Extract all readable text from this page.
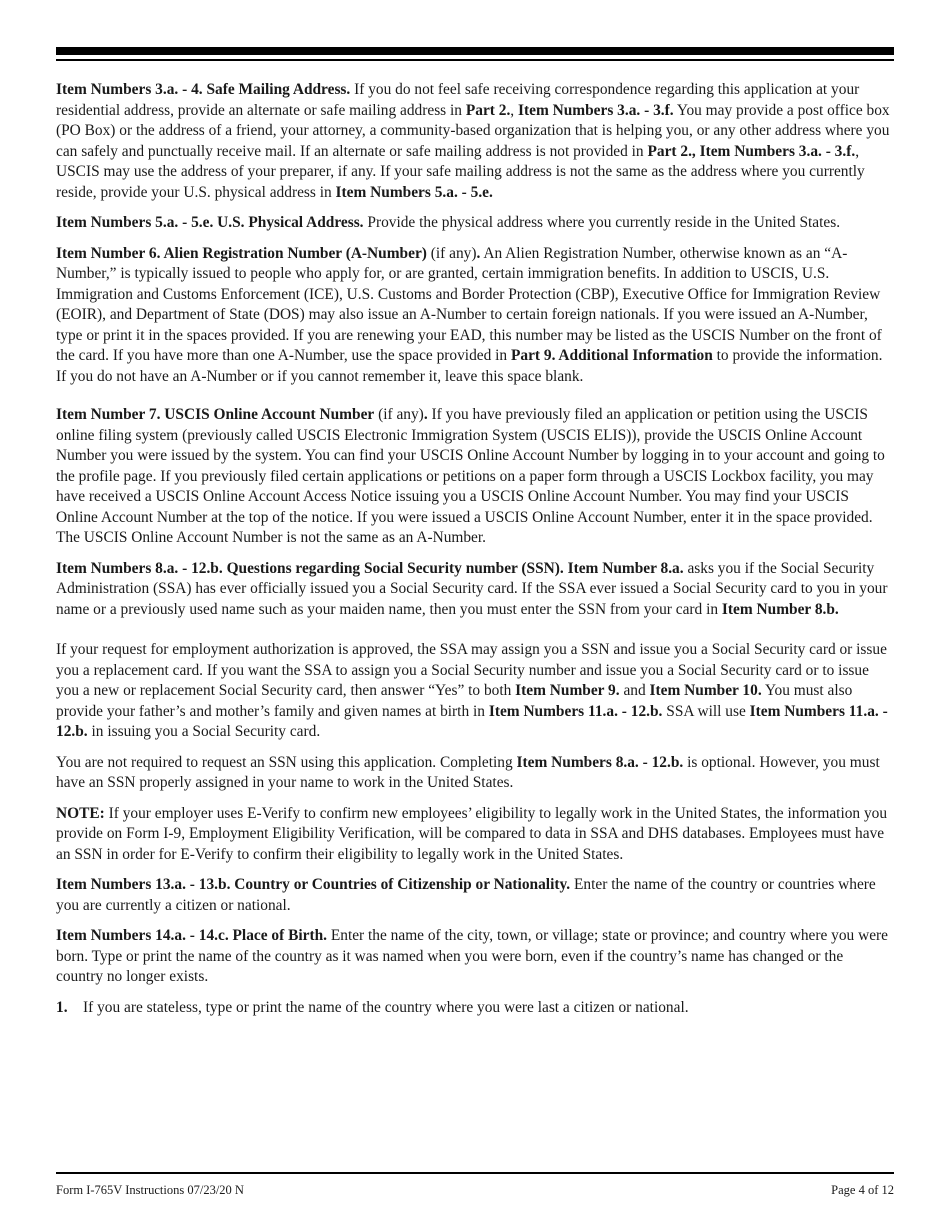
Item Numbers 3.a. - 4. Safe Mailing Address. If you do not feel safe receiving correspondence regarding this application at your residential address, provide an alternate or safe mailing address in Part 2., Item Numbers 3.a. - 3.f. You may provide a post office box (PO Box) or the address of a friend, your attorney, a community-based organization that is helping you, or any other address where you can safely and punctually receive mail. If an alternate or safe mailing address is not provided in Part 2., Item Numbers 3.a. - 3.f., USCIS may use the address of your preparer, if any. If your safe mailing address is not the same as the address where you currently reside, provide your U.S. physical address in Item Numbers 5.a. - 5.e.

Item Numbers 5.a. - 5.e. U.S. Physical Address. Provide the physical address where you currently reside in the United States.

Item Number 6. Alien Registration Number (A-Number) (if any). An Alien Registration Number, otherwise known as an “A-Number,” is typically issued to people who apply for, or are granted, certain immigration benefits. In addition to USCIS, U.S. Immigration and Customs Enforcement (ICE), U.S. Customs and Border Protection (CBP), Executive Office for Immigration Review (EOIR), and Department of State (DOS) may also issue an A-Number to certain foreign nationals. If you were issued an A-Number, type or print it in the spaces provided. If you are renewing your EAD, this number may be listed as the USCIS Number on the front of the card. If you have more than one A-Number, use the space provided in Part 9. Additional Information to provide the information. If you do not have an A-Number or if you cannot remember it, leave this space blank.

Item Number 7. USCIS Online Account Number (if any). If you have previously filed an application or petition using the USCIS online filing system (previously called USCIS Electronic Immigration System (USCIS ELIS)), provide the USCIS Online Account Number you were issued by the system. You can find your USCIS Online Account Number by logging in to your account and going to the profile page. If you previously filed certain applications or petitions on a paper form through a USCIS Lockbox facility, you may have received a USCIS Online Account Access Notice issuing you a USCIS Online Account Number. You may find your USCIS Online Account Number at the top of the notice. If you were issued a USCIS Online Account Number, enter it in the space provided. The USCIS Online Account Number is not the same as an A-Number.

Item Numbers 8.a. - 12.b. Questions regarding Social Security number (SSN). Item Number 8.a. asks you if the Social Security Administration (SSA) has ever officially issued you a Social Security card. If the SSA ever issued a Social Security card to you in your name or a previously used name such as your maiden name, then you must enter the SSN from your card in Item Number 8.b.

If your request for employment authorization is approved, the SSA may assign you a SSN and issue you a Social Security card or issue you a replacement card. If you want the SSA to assign you a Social Security number and issue you a Social Security card or to issue you a new or replacement Social Security card, then answer “Yes” to both Item Number 9. and Item Number 10. You must also provide your father’s and mother’s family and given names at birth in Item Numbers 11.a. - 12.b. SSA will use Item Numbers 11.a. - 12.b. in issuing you a Social Security card.

You are not required to request an SSN using this application. Completing Item Numbers 8.a. - 12.b. is optional. However, you must have an SSN properly assigned in your name to work in the United States.

NOTE: If your employer uses E-Verify to confirm new employees’ eligibility to legally work in the United States, the information you provide on Form I-9, Employment Eligibility Verification, will be compared to data in SSA and DHS databases. Employees must have an SSN in order for E-Verify to confirm their eligibility to legally work in the United States.

Item Numbers 13.a. - 13.b. Country or Countries of Citizenship or Nationality. Enter the name of the country or countries where you are currently a citizen or national.

Item Numbers 14.a. - 14.c. Place of Birth. Enter the name of the city, town, or village; state or province; and country where you were born. Type or print the name of the country as it was named when you were born, even if the country’s name has changed or the country no longer exists.

1.	If you are stateless, type or print the name of the country where you were last a citizen or national.

Form I-765V Instructions 07/23/20 N	Page 4 of 12
